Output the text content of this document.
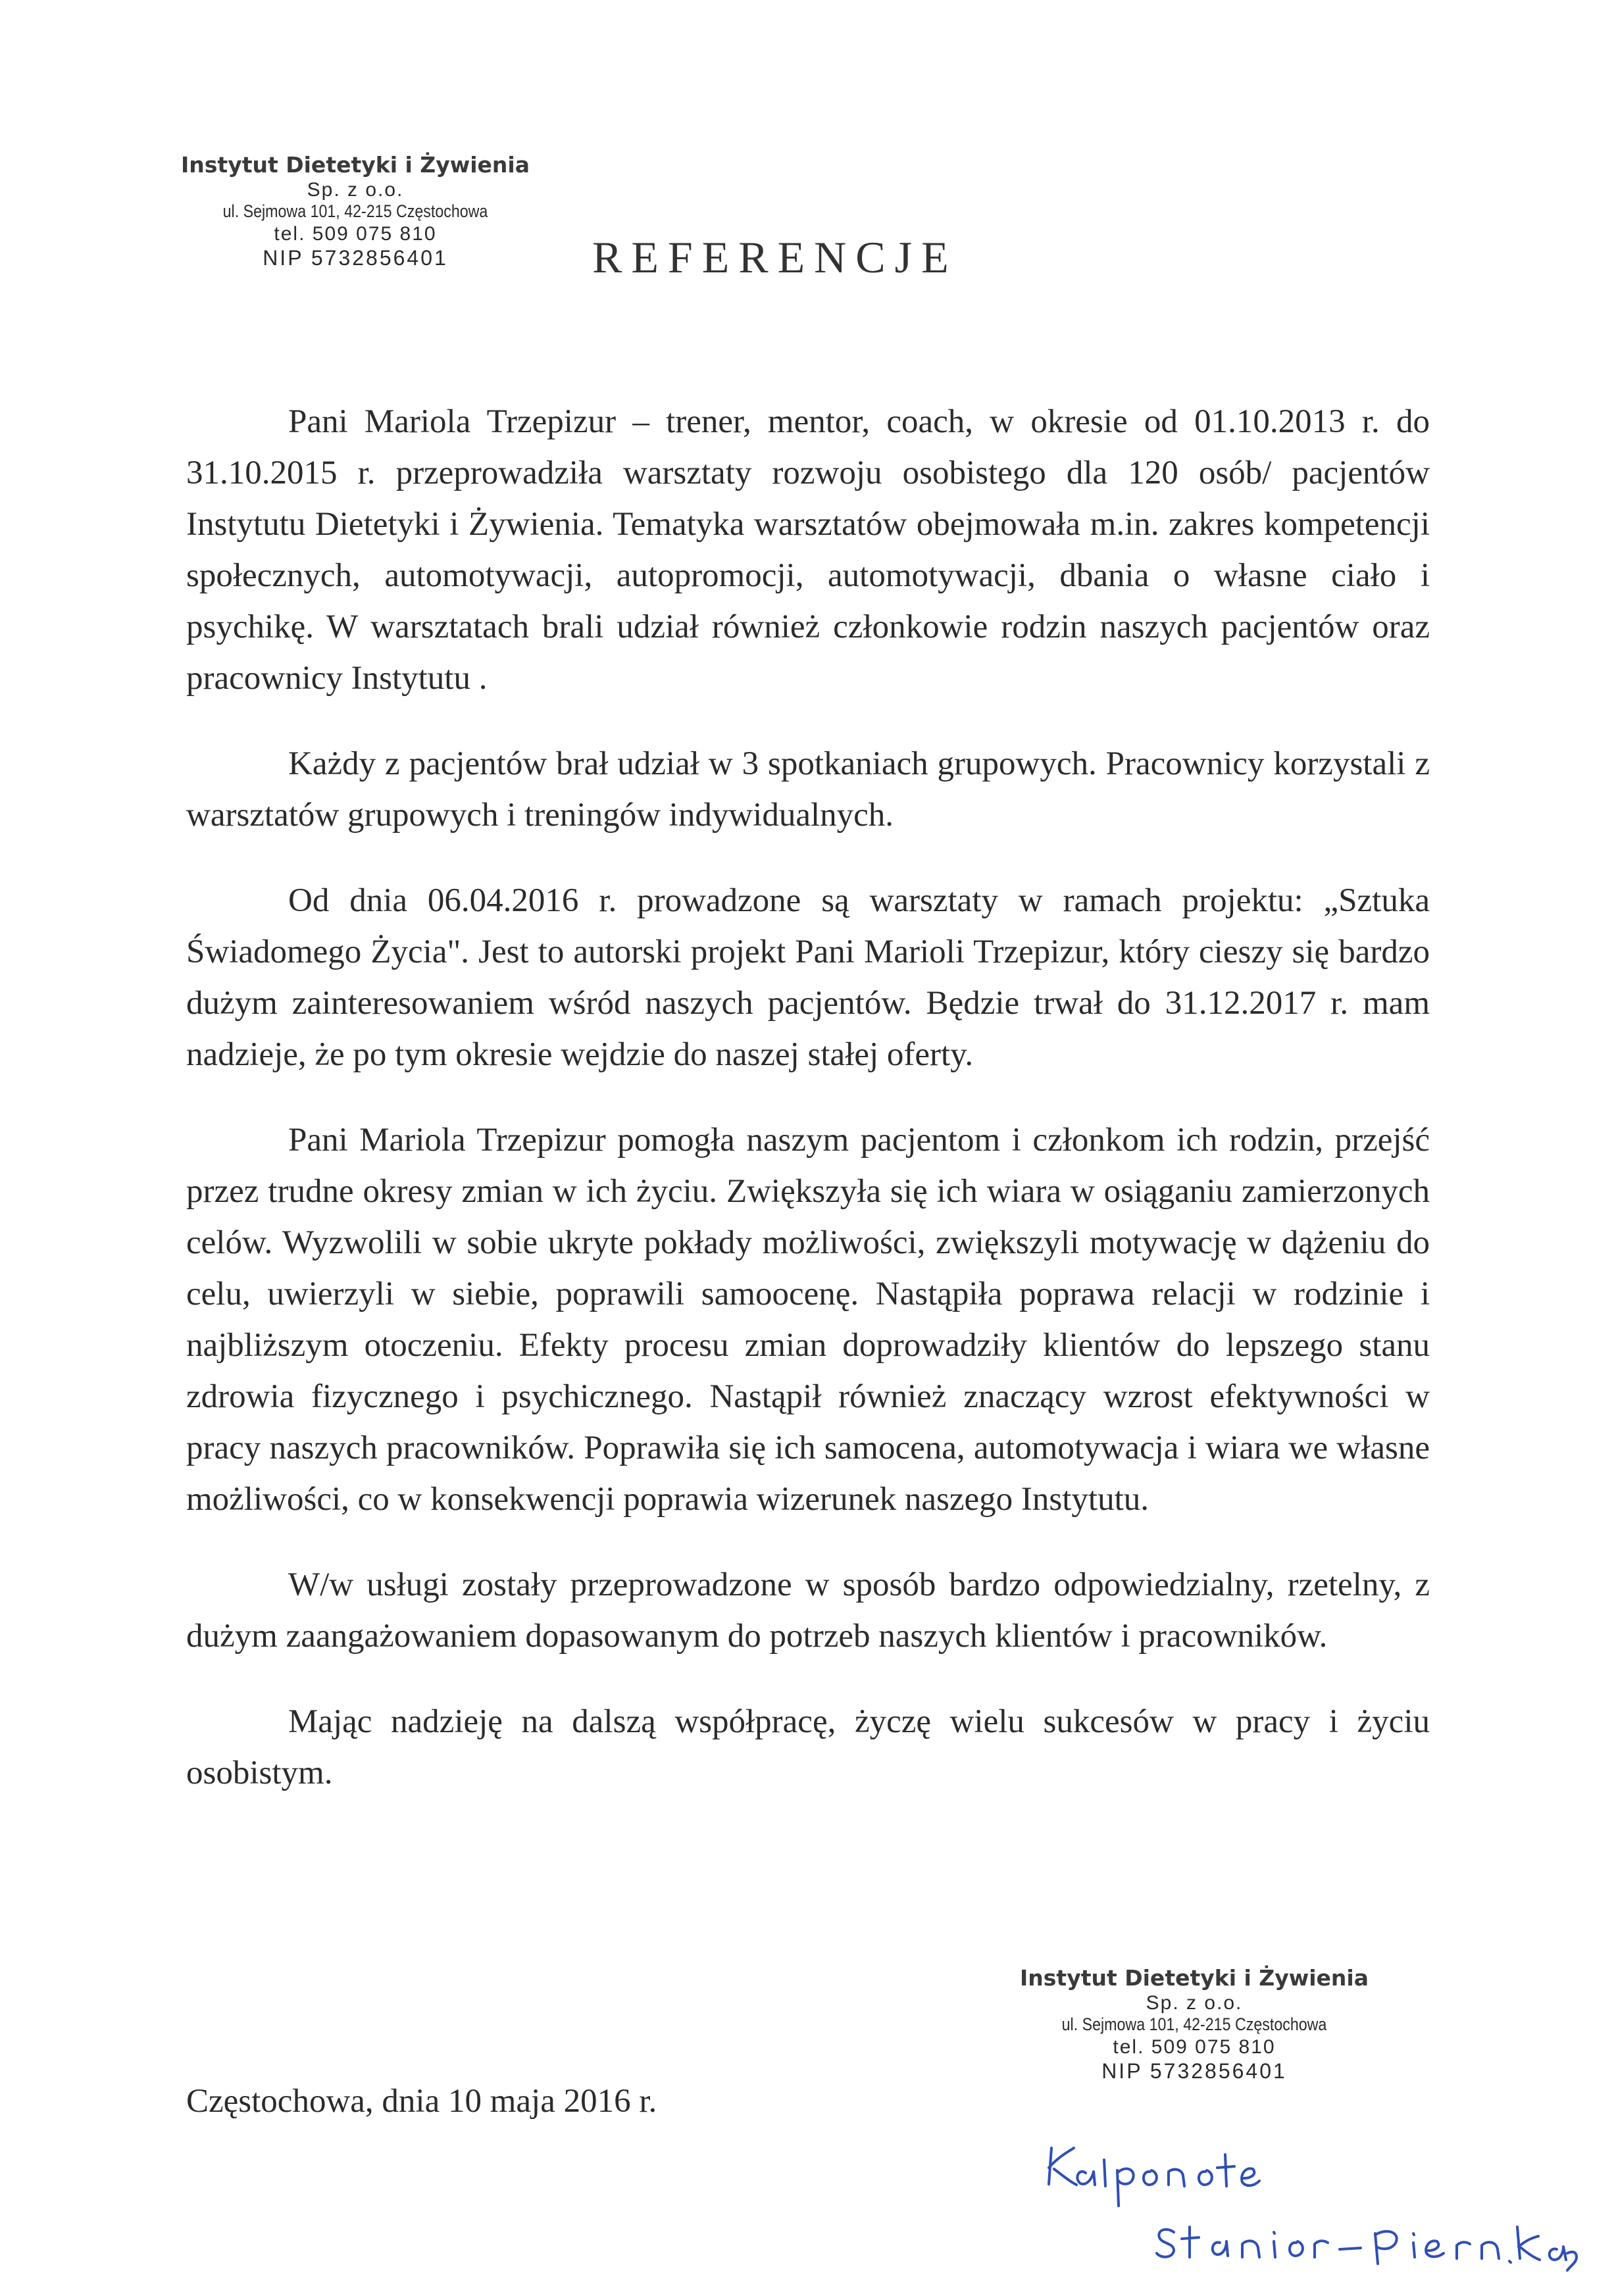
Instytut Dietetyki i Żywienia
Sp. z o.o.
ul. Sejmowa 101, 42-215 Częstochowa
tel. 509 075 810
NIP 5732856401	REFERENCJE

Pani Mariola Trzepizur – trener, mentor, coach, w okresie od 01.10.2013 r. do 31.10.2015 r. przeprowadziła warsztaty rozwoju osobistego dla 120 osób/ pacjentów Instytutu Dietetyki i Żywienia. Tematyka warsztatów obejmowała m.in. zakres kompetencji społecznych, automotywacji, autopromocji, automotywacji, dbania o własne ciało i psychikę. W warsztatach brali udział również członkowie rodzin naszych pacjentów oraz pracownicy Instytutu .

Każdy z pacjentów brał udział w 3 spotkaniach grupowych. Pracownicy korzystali z warsztatów grupowych i treningów indywidualnych.

Od dnia 06.04.2016 r. prowadzone są warsztaty w ramach projektu: „Sztuka Świadomego Życia". Jest to autorski projekt Pani Marioli Trzepizur, który cieszy się bardzo dużym zainteresowaniem wśród naszych pacjentów. Będzie trwał do 31.12.2017 r. mam nadzieje, że po tym okresie wejdzie do naszej stałej oferty.

Pani Mariola Trzepizur pomogła naszym pacjentom i członkom ich rodzin, przejść przez trudne okresy zmian w ich życiu. Zwiększyła się ich wiara w osiąganiu zamierzonych celów. Wyzwolili w sobie ukryte pokłady możliwości, zwiększyli motywację w dążeniu do celu, uwierzyli w siebie, poprawili samoocenę. Nastąpiła poprawa relacji w rodzinie i najbliższym otoczeniu. Efekty procesu zmian doprowadziły klientów do lepszego stanu zdrowia fizycznego i psychicznego. Nastąpił również znaczący wzrost efektywności w pracy naszych pracowników. Poprawiła się ich samocena, automotywacja i wiara we własne możliwości, co w konsekwencji poprawia wizerunek naszego Instytutu.

W/w usługi zostały przeprowadzone w sposób bardzo odpowiedzialny, rzetelny, z dużym zaangażowaniem dopasowanym do potrzeb naszych klientów i pracowników.

Mając nadzieję na dalszą współpracę, życzę wielu sukcesów w pracy i życiu osobistym.

Instytut Dietetyki i Żywienia
Sp. z o.o.
ul. Sejmowa 101, 42-215 Częstochowa
tel. 509 075 810
NIP 5732856401
Częstochowa, dnia 10 maja 2016 r.
